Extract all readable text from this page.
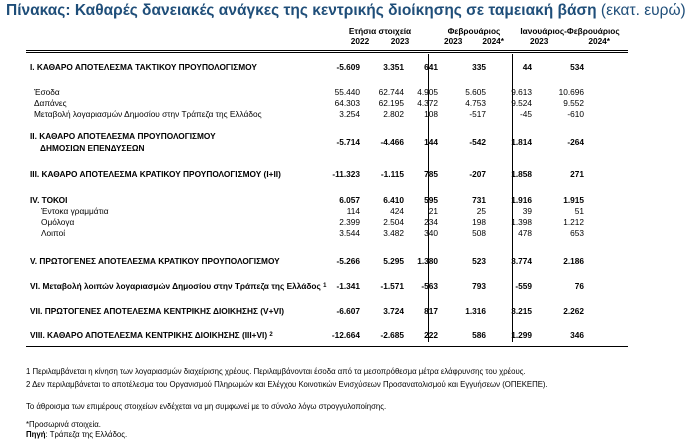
Πίνακας: Καθαρές δανειακές ανάγκες της κεντρικής διοίκησης σε ταμειακή βάση (εκατ. ευρώ)
Ετήσια στοιχεία
2022	2023
Φεβρουάριος
2023 2024*
Ιανουάριος-Φεβρουάριος
2023	2024*
I. ΚΑΘΑΡΟ ΑΠΟΤΕΛΕΣΜΑ ΤΑΚΤΙΚΟΥ ΠΡΟΥΠΟΛΟΓΙΣΜΟΥ	-5.609	3.351	641	335	44	534
Έσοδα	55.440	62.744	4.905	5.605	9.613	10.696
Δαπάνες	64.303	62.195	4.372	4.753	9.524	9.552
Μεταβολή λογαριασμών Δημοσίου στην Τράπεζα της Ελλάδος	3.254	2.802	108	-517	-45	-610
II. ΚΑΘΑΡΟ ΑΠΟΤΕΛΕΣΜΑ ΠΡΟΥΠΟΛΟΓΙΣΜΟΥ
ΔΗΜΟΣΙΩΝ ΕΠΕΝΔΥΣΕΩΝ
-5.714	-4.466	144	-542	1.814	-264
III. ΚΑΘΑΡΟ ΑΠΟΤΕΛΕΣΜΑ ΚΡΑΤΙΚΟΥ ΠΡΟΥΠΟΛΟΓΙΣΜΟΥ (I+II)	-11.323	-1.115	785	-207	1.858	271
IV. ΤΟΚΟΙ	6.057	6.410	595	731	1.916	1.915
Έντοκα γραμμάτια	114	424	21	25	39	51
Ομόλογα	2.399	2.504	234	198	1.398	1.212
Λοιποί	3.544	3.482	340	508	478	653
V. ΠΡΩΤΟΓΕΝΕΣ ΑΠΟΤΕΛΕΣΜΑ ΚΡΑΤΙΚΟΥ ΠΡΟΥΠΟΛΟΓΙΣΜΟΥ	-5.266	5.295	1.380	523	3.774	2.186
VI. Μεταβολή λοιπών λογαριασμών Δημοσίου στην Τράπεζα της Ελλάδος $^1$	-1.341	-1.571	-563	793	-559	76
VII. ΠΡΩΤΟΓΕΝΕΣ ΑΠΟΤΕΛΕΣΜΑ ΚΕΝΤΡΙΚΗΣ ΔΙΟΙΚΗΣΗΣ (V+VI)	-6.607	3.724	817	1.316	3.215	2.262
VIII. ΚΑΘΑΡΟ ΑΠΟΤΕΛΕΣΜΑ ΚΕΝΤΡΙΚΗΣ ΔΙΟΙΚΗΣΗΣ (III+VI) $^2$	-12.664	-2.685	222	586	1.299	346
1 Περιλαμβάνεται η κίνηση των λογαριασμών διαχείρισης χρέους. Περιλαμβάνονται έσοδα από τα μεσοπρόθεσμα μέτρα ελάφρυνσης του χρέους.
2 Δεν περιλαμβάνεται το αποτέλεσμα του Οργανισμού Πληρωμών και Ελέγχου Κοινοτικών Ενισχύσεων Προσανατολισμού και Εγγυήσεων (ΟΠΕΚΕΠΕ).
Το άθροισμα των επιμέρους στοιχείων ενδέχεται να μη συμφωνεί με το σύνολο λόγω στρογγυλοποίησης.
*Προσωρινά στοιχεία.
Πηγή: Τράπεζα της Ελλάδος.
